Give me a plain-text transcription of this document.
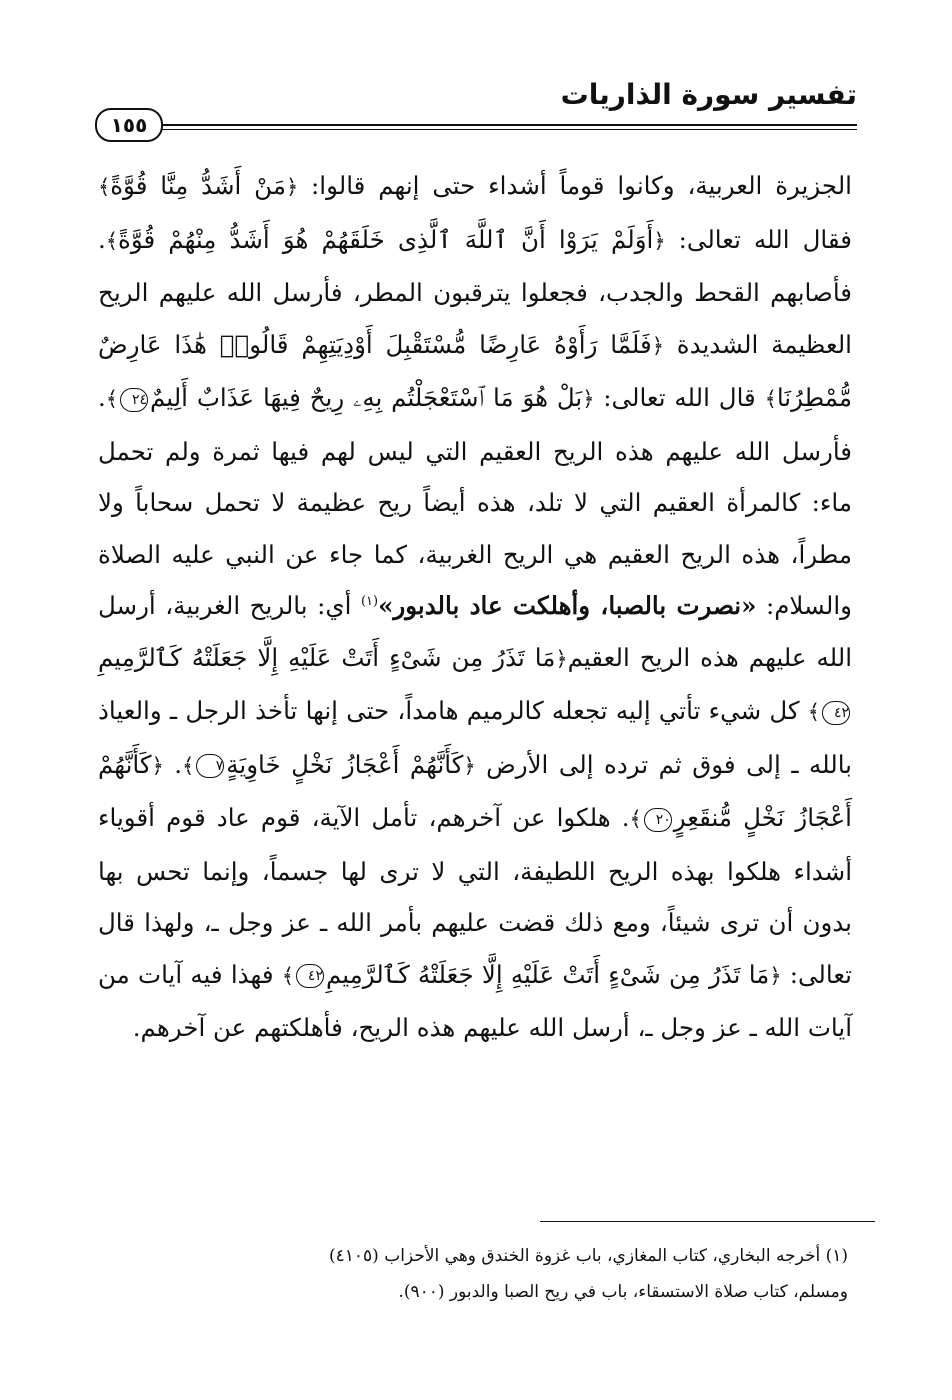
تفسير سورة الذاريات
١٥٥

الجزيرة العربية، وكانوا قوماً أشداء حتى إنهم قالوا: ﴿مَنْ أَشَدُّ مِنَّا قُوَّةً﴾ فقال الله تعالى: ﴿أَوَلَمْ يَرَوْا أَنَّ ٱللَّهَ ٱلَّذِى خَلَقَهُمْ هُوَ أَشَدُّ مِنْهُمْ قُوَّةً﴾. فأصابهم القحط والجدب، فجعلوا يترقبون المطر، فأرسل الله عليهم الريح العظيمة الشديدة ﴿فَلَمَّا رَأَوْهُ عَارِضًا مُّسْتَقْبِلَ أَوْدِيَتِهِمْ قَالُوا۟ هَٰذَا عَارِضٌ مُّمْطِرُنَا﴾ قال الله تعالى: ﴿بَلْ هُوَ مَا ٱسْتَعْجَلْتُم بِهِۦ رِيحٌ فِيهَا عَذَابٌ أَلِيمٌ٢٤﴾. فأرسل الله عليهم هذه الريح العقيم التي ليس لهم فيها ثمرة ولم تحمل ماء: كالمرأة العقيم التي لا تلد، هذه أيضاً ريح عظيمة لا تحمل سحاباً ولا مطراً، هذه الريح العقيم هي الريح الغربية، كما جاء عن النبي عليه الصلاة والسلام: «نصرت بالصبا، وأهلكت عاد بالدبور»$^{(١)}$ أي: بالريح الغربية، أرسل الله عليهم هذه الريح العقيم﴿مَا تَذَرُ مِن شَىْءٍ أَتَتْ عَلَيْهِ إِلَّا جَعَلَتْهُ كَٱلرَّمِيمِ٤٢﴾ كل شيء تأتي إليه تجعله كالرميم هامداً، حتى إنها تأخذ الرجل ـ والعياذ بالله ـ إلى فوق ثم ترده إلى الأرض ﴿كَأَنَّهُمْ أَعْجَازُ نَخْلٍ خَاوِيَةٍ٧﴾. ﴿كَأَنَّهُمْ أَعْجَازُ نَخْلٍ مُّنقَعِرٍ٢٠﴾. هلكوا عن آخرهم، تأمل الآية، قوم عاد قوم أقوياء أشداء هلكوا بهذه الريح اللطيفة، التي لا ترى لها جسماً، وإنما تحس بها بدون أن ترى شيئاً، ومع ذلك قضت عليهم بأمر الله ـ عز وجل ـ، ولهذا قال تعالى: ﴿مَا تَذَرُ مِن شَىْءٍ أَتَتْ عَلَيْهِ إِلَّا جَعَلَتْهُ كَٱلرَّمِيمِ٤٢﴾ فهذا فيه آيات من آيات الله ـ عز وجل ـ، أرسل الله عليهم هذه الريح، فأهلكتهم عن آخرهم.

(١) أخرجه البخاري، كتاب المغازي، باب غزوة الخندق وهي الأحزاب (٤١٠٥)

ومسلم، كتاب صلاة الاستسقاء، باب في ريح الصبا والدبور (٩٠٠).
